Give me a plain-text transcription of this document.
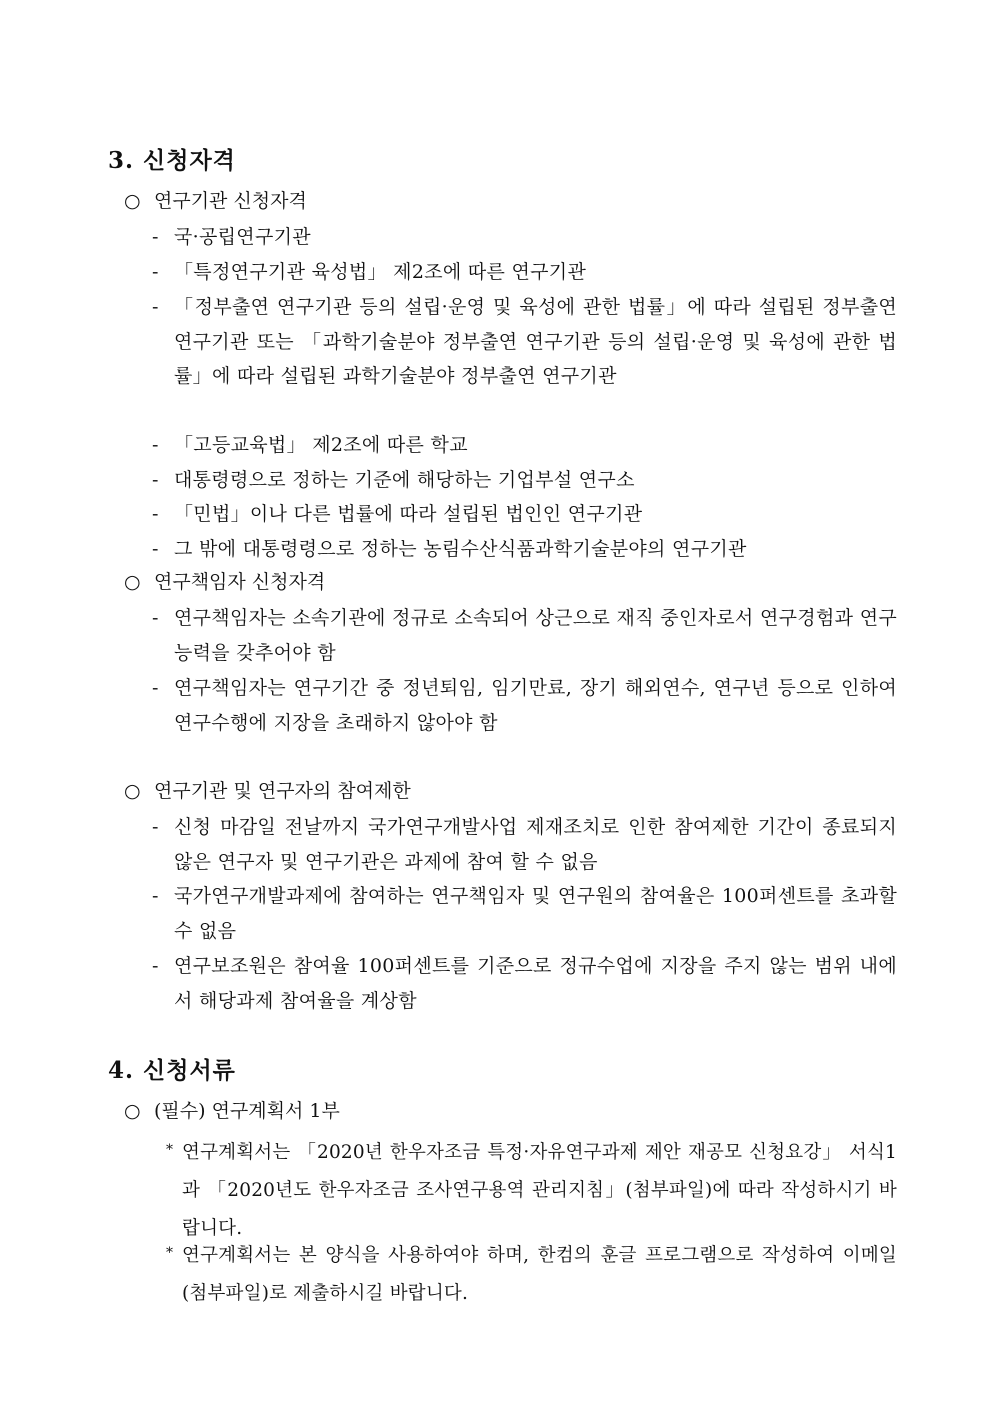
3. 신청자격
○ 연구기관 신청자격
- 국·공립연구기관
- 「특정연구기관 육성법」 제2조에 따른 연구기관
- 「정부출연 연구기관 등의 설립·운영 및 육성에 관한 법률」에 따라 설립된 정부출연 연구기관 또는 「과학기술분야 정부출연 연구기관 등의 설립·운영 및 육성에 관한 법률」에 따라 설립된 과학기술분야 정부출연 연구기관
- 「고등교육법」 제2조에 따른 학교
- 대통령령으로 정하는 기준에 해당하는 기업부설 연구소
- 「민법」이나 다른 법률에 따라 설립된 법인인 연구기관
- 그 밖에 대통령령으로 정하는 농림수산식품과학기술분야의 연구기관
○ 연구책임자 신청자격
- 연구책임자는 소속기관에 정규로 소속되어 상근으로 재직 중인자로서 연구경험과 연구능력을 갖추어야 함
- 연구책임자는 연구기간 중 정년퇴임, 임기만료, 장기 해외연수, 연구년 등으로 인하여 연구수행에 지장을 초래하지 않아야 함
○ 연구기관 및 연구자의 참여제한
- 신청 마감일 전날까지 국가연구개발사업 제재조치로 인한 참여제한 기간이 종료되지 않은 연구자 및 연구기관은 과제에 참여 할 수 없음
- 국가연구개발과제에 참여하는 연구책임자 및 연구원의 참여율은 100퍼센트를 초과할 수 없음
- 연구보조원은 참여율 100퍼센트를 기준으로 정규수업에 지장을 주지 않는 범위 내에서 해당과제 참여율을 계상함
4. 신청서류
○ (필수) 연구계획서 1부
* 연구계획서는 「2020년 한우자조금 특정·자유연구과제 제안 재공모 신청요강」 서식1과 「2020년도 한우자조금 조사연구용역 관리지침」(첨부파일)에 따라 작성하시기 바랍니다.
* 연구계획서는 본 양식을 사용하여야 하며, 한컴의 훈글 프로그램으로 작성하여 이메일(첨부파일)로 제출하시길 바랍니다.
